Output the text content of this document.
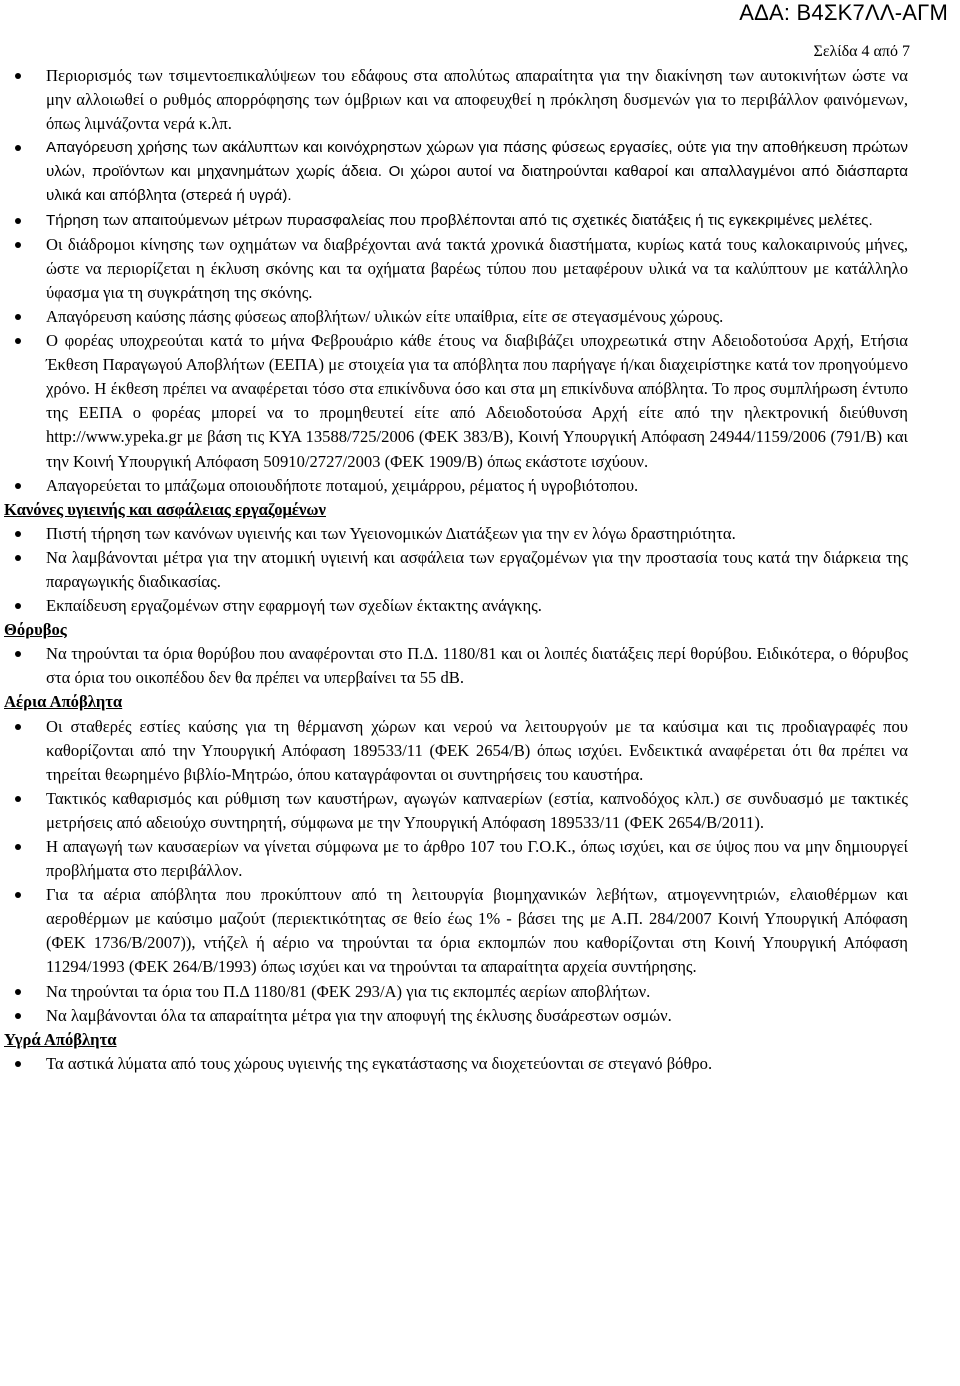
ΑΔΑ: Β4ΣΚ7ΛΛ-ΑΓΜ
Σελίδα 4 από 7
Περιορισμός των τσιμεντοεπικαλύψεων του εδάφους στα απολύτως απαραίτητα για την διακίνηση των αυτοκινήτων ώστε να μην αλλοιωθεί ο ρυθμός απορρόφησης των όμβριων και να αποφευχθεί η πρόκληση δυσμενών για το περιβάλλον φαινόμενων, όπως λιμνάζοντα νερά κ.λπ.
Απαγόρευση χρήσης των ακάλυπτων και κοινόχρηστων χώρων για πάσης φύσεως εργασίες, ούτε για την αποθήκευση πρώτων υλών, προϊόντων και μηχανημάτων χωρίς άδεια. Οι χώροι αυτοί να διατηρούνται καθαροί και απαλλαγμένοι από διάσπαρτα υλικά και απόβλητα (στερεά ή υγρά).
Τήρηση των απαιτούμενων μέτρων πυρασφαλείας που προβλέπονται από τις σχετικές διατάξεις ή τις εγκεκριμένες μελέτες.
Οι διάδρομοι κίνησης των οχημάτων να διαβρέχονται ανά τακτά χρονικά διαστήματα, κυρίως κατά τους καλοκαιρινούς μήνες, ώστε να περιορίζεται η έκλυση σκόνης και τα οχήματα βαρέως τύπου που μεταφέρουν υλικά να τα καλύπτουν με κατάλληλο ύφασμα για τη συγκράτηση της σκόνης.
Απαγόρευση καύσης πάσης φύσεως αποβλήτων/ υλικών είτε υπαίθρια, είτε σε στεγασμένους χώρους.
Ο φορέας υποχρεούται κατά το μήνα Φεβρουάριο κάθε έτους να διαβιβάζει υποχρεωτικά στην Αδειοδοτούσα Αρχή, Ετήσια Έκθεση Παραγωγού Αποβλήτων (ΕΕΠΑ) με στοιχεία για τα απόβλητα που παρήγαγε ή/και διαχειρίστηκε κατά τον προηγούμενο χρόνο. Η έκθεση πρέπει να αναφέρεται τόσο στα επικίνδυνα όσο και στα μη επικίνδυνα απόβλητα. Το προς συμπλήρωση έντυπο της ΕΕΠΑ ο φορέας μπορεί να το προμηθευτεί είτε από Αδειοδοτούσα Αρχή είτε από την ηλεκτρονική διεύθυνση http://www.ypeka.gr με βάση τις ΚΥΑ 13588/725/2006 (ΦΕΚ 383/Β), Κοινή Υπουργική Απόφαση 24944/1159/2006 (791/Β) και την Κοινή Υπουργική Απόφαση 50910/2727/2003 (ΦΕΚ 1909/Β) όπως εκάστοτε ισχύουν.
Απαγορεύεται το μπάζωμα οποιουδήποτε ποταμού, χειμάρρου, ρέματος ή υγροβιότοπου.
Κανόνες υγιεινής και ασφάλειας εργαζομένων
Πιστή τήρηση των κανόνων υγιεινής και των Υγειονομικών Διατάξεων για την εν λόγω δραστηριότητα.
Να λαμβάνονται μέτρα για την ατομική υγιεινή και ασφάλεια των εργαζομένων για την προστασία τους κατά την διάρκεια της παραγωγικής διαδικασίας.
Εκπαίδευση εργαζομένων στην εφαρμογή των σχεδίων έκτακτης ανάγκης.
Θόρυβος
Να τηρούνται τα όρια θορύβου που αναφέρονται στο Π.Δ. 1180/81 και οι λοιπές διατάξεις περί θορύβου. Ειδικότερα, ο θόρυβος στα όρια του οικοπέδου δεν θα πρέπει να υπερβαίνει τα 55 dB.
Αέρια Απόβλητα
Οι σταθερές εστίες καύσης για τη θέρμανση χώρων και νερού να λειτουργούν με τα καύσιμα και τις προδιαγραφές που καθορίζονται από την Υπουργική Απόφαση 189533/11 (ΦΕΚ 2654/Β) όπως ισχύει. Ενδεικτικά αναφέρεται ότι θα πρέπει να τηρείται θεωρημένο βιβλίο-Μητρώο, όπου καταγράφονται οι συντηρήσεις του καυστήρα.
Τακτικός καθαρισμός και ρύθμιση των καυστήρων, αγωγών καπναερίων (εστία, καπνοδόχος κλπ.) σε συνδυασμό με τακτικές μετρήσεις από αδειούχο συντηρητή, σύμφωνα με την Υπουργική Απόφαση 189533/11 (ΦΕΚ 2654/Β/2011).
Η απαγωγή των καυσαερίων να γίνεται σύμφωνα με το άρθρο 107 του Γ.Ο.Κ., όπως ισχύει, και σε ύψος που να μην δημιουργεί προβλήματα στο περιβάλλον.
Για τα αέρια απόβλητα που προκύπτουν από τη λειτουργία βιομηχανικών λεβήτων, ατμογεννητριών, ελαιοθέρμων και αεροθέρμων με καύσιμο μαζούτ (περιεκτικότητας σε θείο έως 1% - βάσει της με Α.Π. 284/2007 Κοινή Υπουργική Απόφαση (ΦΕΚ 1736/Β/2007)), ντήζελ ή αέριο να τηρούνται τα όρια εκπομπών που καθορίζονται στη Κοινή Υπουργική Απόφαση 11294/1993 (ΦΕΚ 264/Β/1993) όπως ισχύει και να τηρούνται τα απαραίτητα αρχεία συντήρησης.
Να τηρούνται τα όρια του Π.Δ 1180/81 (ΦΕΚ 293/Α) για τις εκπομπές αερίων αποβλήτων.
Να λαμβάνονται όλα τα απαραίτητα μέτρα για την αποφυγή της έκλυσης δυσάρεστων οσμών.
Υγρά Απόβλητα
Τα αστικά λύματα από τους χώρους υγιεινής της εγκατάστασης να διοχετεύονται σε στεγανό βόθρο.
